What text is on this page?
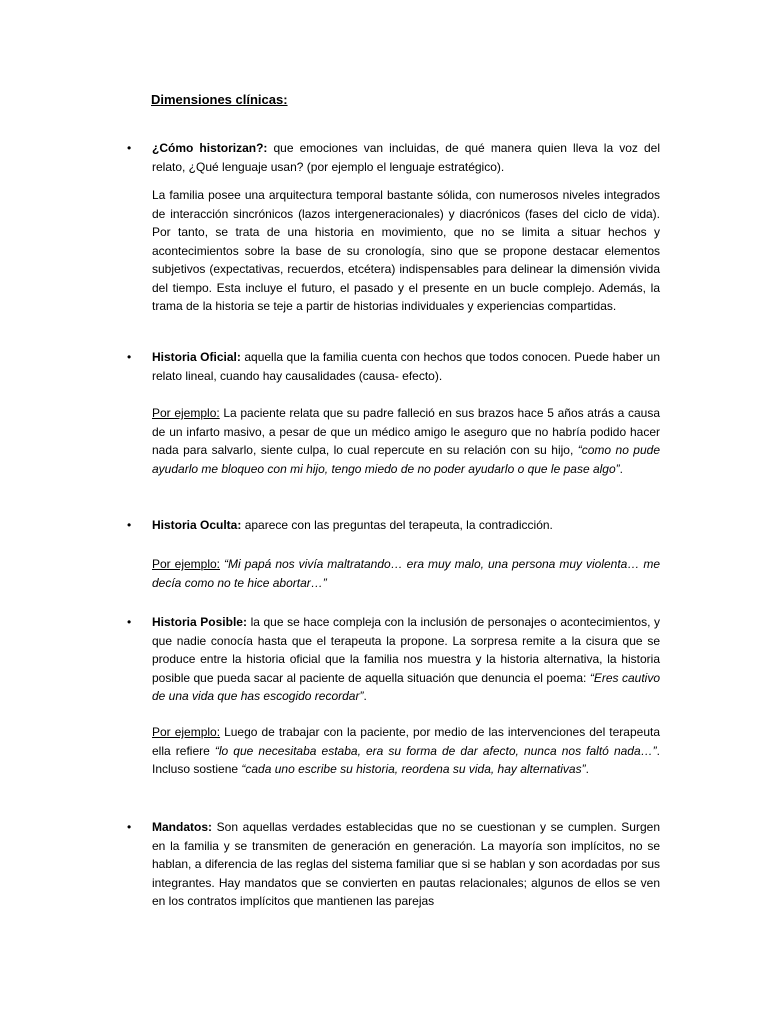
Dimensiones clínicas:

• ¿Cómo historizan?: que emociones van incluidas, de qué manera quien lleva la voz del relato, ¿Qué lenguaje usan? (por ejemplo el lenguaje estratégico).

La familia posee una arquitectura temporal bastante sólida, con numerosos niveles integrados de interacción sincrónicos (lazos intergeneracionales) y diacrónicos (fases del ciclo de vida). Por tanto, se trata de una historia en movimiento, que no se limita a situar hechos y acontecimientos sobre la base de su cronología, sino que se propone destacar elementos subjetivos (expectativas, recuerdos, etcétera) indispensables para delinear la dimensión vivida del tiempo. Esta incluye el futuro, el pasado y el presente en un bucle complejo. Además, la trama de la historia se teje a partir de historias individuales y experiencias compartidas.

• Historia Oficial: aquella que la familia cuenta con hechos que todos conocen. Puede haber un relato lineal, cuando hay causalidades (causa- efecto).

Por ejemplo: La paciente relata que su padre falleció en sus brazos hace 5 años atrás a causa de un infarto masivo, a pesar de que un médico amigo le aseguro que no habría podido hacer nada para salvarlo, siente culpa, lo cual repercute en su relación con su hijo, “como no pude ayudarlo me bloqueo con mi hijo, tengo miedo de no poder ayudarlo o que le pase algo”.

• Historia Oculta: aparece con las preguntas del terapeuta, la contradicción.

Por ejemplo: “Mi papá nos vivía maltratando… era muy malo, una persona muy violenta… me decía como no te hice abortar…”

• Historia Posible: la que se hace compleja con la inclusión de personajes o acontecimientos, y que nadie conocía hasta que el terapeuta la propone. La sorpresa remite a la cisura que se produce entre la historia oficial que la familia nos muestra y la historia alternativa, la historia posible que pueda sacar al paciente de aquella situación que denuncia el poema: “Eres cautivo de una vida que has escogido recordar”.

Por ejemplo: Luego de trabajar con la paciente, por medio de las intervenciones del terapeuta ella refiere “lo que necesitaba estaba, era su forma de dar afecto, nunca nos faltó nada…”. Incluso sostiene “cada uno escribe su historia, reordena su vida, hay alternativas”.

• Mandatos: Son aquellas verdades establecidas que no se cuestionan y se cumplen. Surgen en la familia y se transmiten de generación en generación. La mayoría son implícitos, no se hablan, a diferencia de las reglas del sistema familiar que si se hablan y son acordadas por sus integrantes. Hay mandatos que se convierten en pautas relacionales; algunos de ellos se ven en los contratos implícitos que mantienen las parejas
